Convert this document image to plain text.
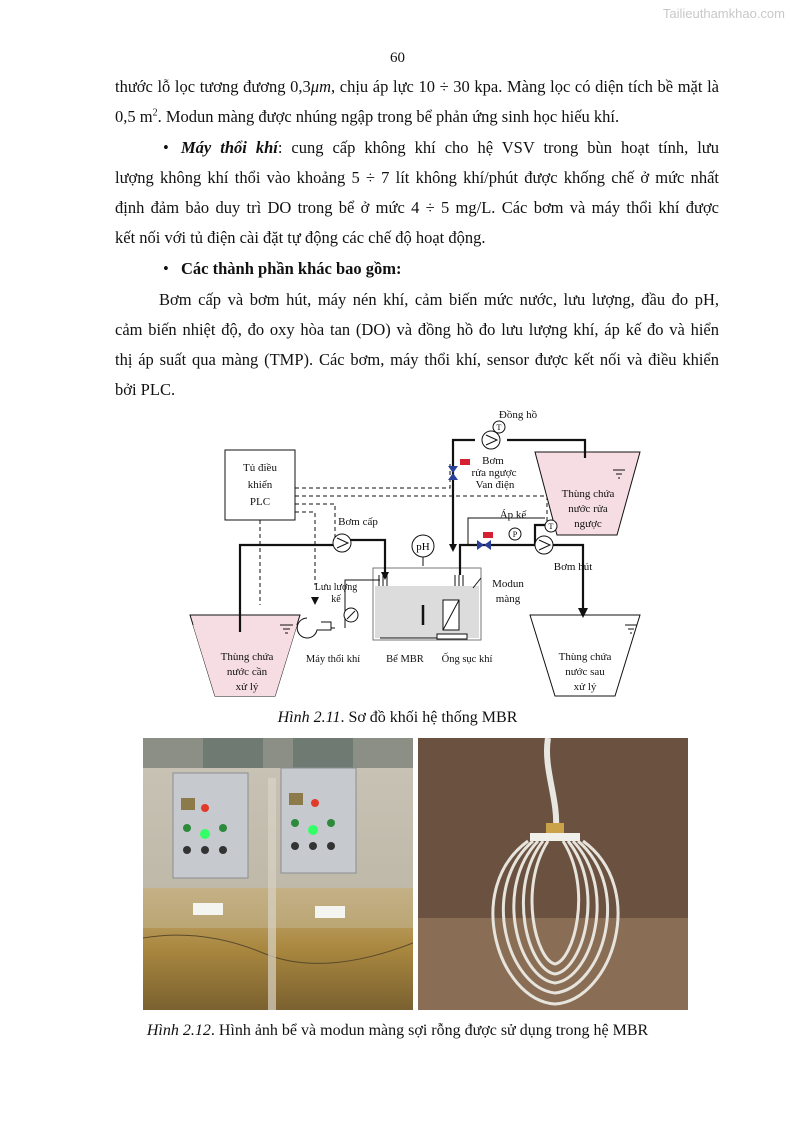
Tailieuthamkhao.com
60
thước lỗ lọc tương đương 0,3μm, chịu áp lực 10 ÷ 30 kpa. Màng lọc có diện tích bề mặt là
0,5 $m^2$. Modun màng được nhúng ngập trong bể phản ứng sinh học hiếu khí.
• Máy thổi khí: cung cấp không khí cho hệ VSV trong bùn hoạt tính, lưu
lượng không khí thổi vào khoảng 5 ÷ 7 lít không khí/phút được khống chế ở mức nhất
định đảm bảo duy trì DO trong bể ở mức 4 ÷ 5 mg/L. Các bơm và máy thổi khí được
kết nối với tủ điện cài đặt tự động các chế độ hoạt động.
• Các thành phần khác bao gồm:
Bơm cấp và bơm hút, máy nén khí, cảm biến mức nước, lưu lượng, đầu đo pH,
cảm biến nhiệt độ, đo oxy hòa tan (DO) và đồng hồ đo lưu lượng khí, áp kế đo và hiển
thị áp suất qua màng (TMP). Các bơm, máy thổi khí, sensor được kết nối và điều khiển
bởi PLC.
T
T
P
pH
Tủ điều
khiển
PLC
Đồng hồ
Bơm
rửa ngược
Van điện
Thùng chứa
nước rửa
ngược
Áp kế
Bơm cấp
Bơm hút
Lưu lượng
kế
Modun
màng
Thùng chứa
nước cần
xử lý
Máy thổi khí Bể MBR Ống sục khí	Thùng chứa
nước sau
xử lý
Hình 2.11. Sơ đồ khối hệ thống MBR
Hình 2.12. Hình ảnh bể và modun màng sợi rỗng được sử dụng trong hệ MBR
